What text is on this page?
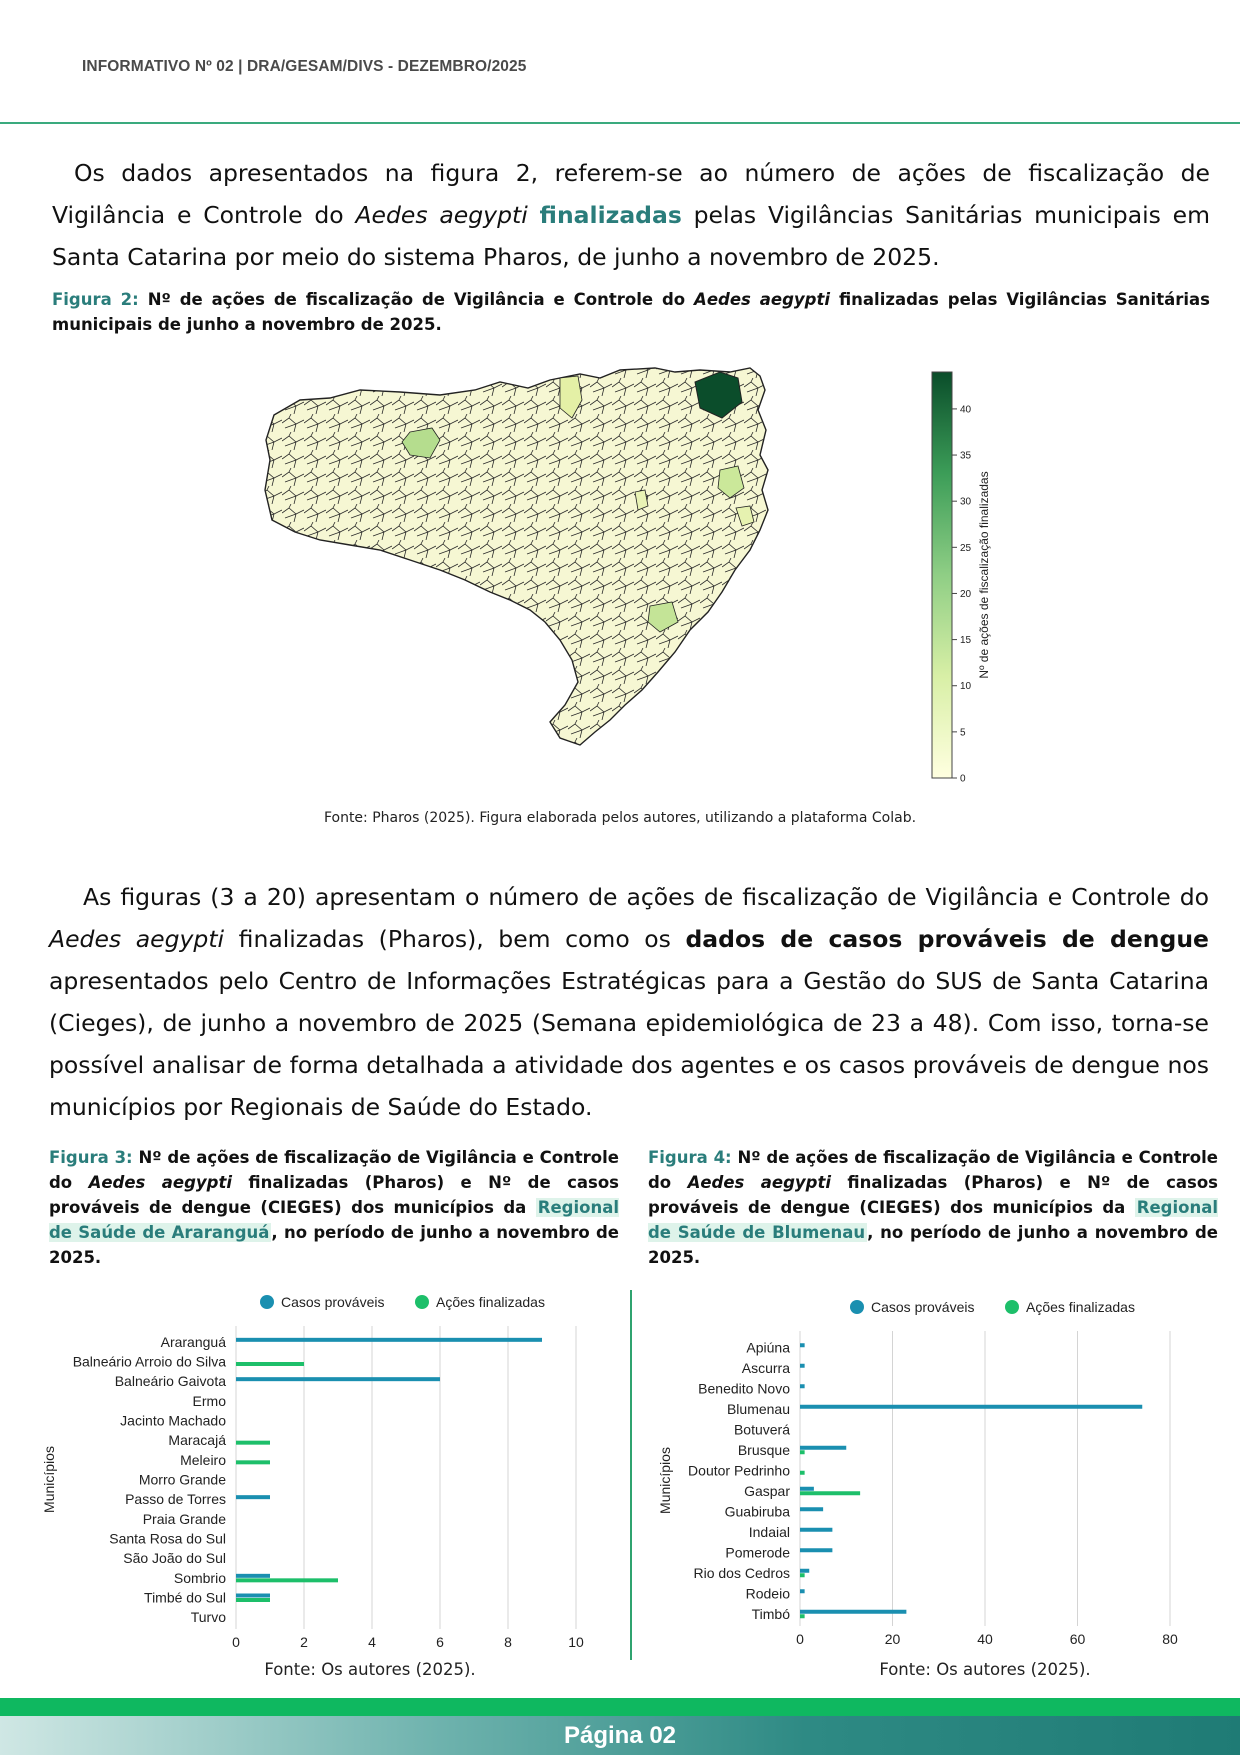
INFORMATIVO Nº 02 | DRA/GESAM/DIVS - DEZEMBRO/2025
Os dados apresentados na figura 2, referem-se ao número de ações de fiscalização de Vigilância e Controle do Aedes aegypti finalizadas pelas Vigilâncias Sanitárias municipais em Santa Catarina por meio do sistema Pharos, de junho a novembro de 2025.
Figura 2: Nº de ações de fiscalização de Vigilância e Controle do Aedes aegypti finalizadas pelas Vigilâncias Sanitárias municipais de junho a novembro de 2025.
0
5
10
15
20
25
30
35
40
Nº de ações de fiscalização finalizadas
Fonte: Pharos (2025). Figura elaborada pelos autores, utilizando a plataforma Colab.
As figuras (3 a 20) apresentam o número de ações de fiscalização de Vigilância e Controle do Aedes aegypti finalizadas (Pharos), bem como os dados de casos prováveis de dengue apresentados pelo Centro de Informações Estratégicas para a Gestão do SUS de Santa Catarina (Cieges), de junho a novembro de 2025 (Semana epidemiológica de 23 a 48). Com isso, torna-se possível analisar de forma detalhada a atividade dos agentes e os casos prováveis de dengue nos municípios por Regionais de Saúde do Estado.
Figura 3: Nº de ações de fiscalização de Vigilância e Controle do Aedes aegypti finalizadas (Pharos) e Nº de casos prováveis de dengue (CIEGES) dos municípios da Regional de Saúde de Araranguá , no período de junho a novembro de 2025.
Figura 4: Nº de ações de fiscalização de Vigilância e Controle do Aedes aegypti finalizadas (Pharos) e Nº de casos prováveis de dengue (CIEGES) dos municípios da Regional de Saúde de Blumenau , no período de junho a novembro de 2025.
Casos prováveis	Ações finalizadas
0	2	4	6	8	10
Municípios
Araranguá
Balneário Arroio do Silva
Balneário Gaivota
Ermo
Jacinto Machado
Maracajá
Meleiro
Morro Grande
Passo de Torres
Praia Grande
Santa Rosa do Sul
São João do Sul
Sombrio
Timbé do Sul
Turvo
Fonte: Os autores (2025).
Casos prováveis	Ações finalizadas
0	20	40	60	80
Municípios
Apiúna
Ascurra
Benedito Novo
Blumenau
Botuverá
Brusque
Doutor Pedrinho
Gaspar
Guabiruba
Indaial
Pomerode
Rio dos Cedros
Rodeio
Timbó
Fonte: Os autores (2025).
Página 02
